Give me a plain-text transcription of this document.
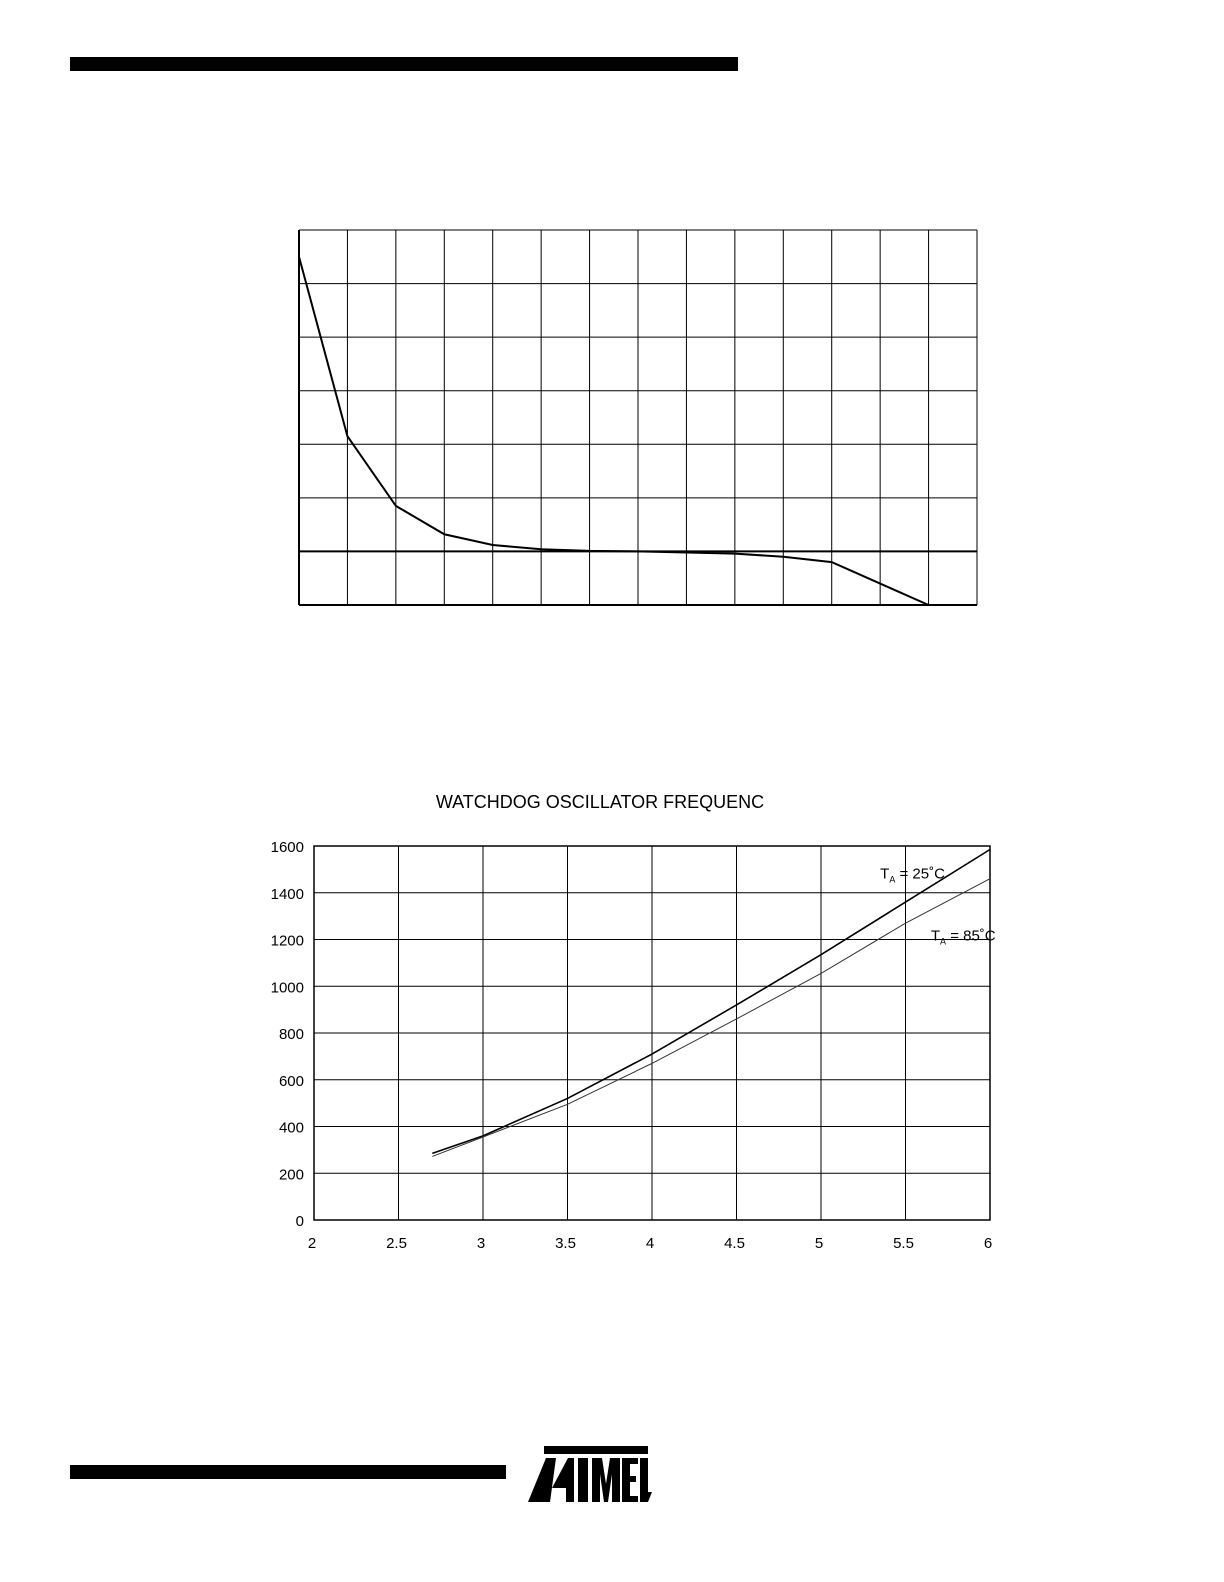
WATCHDOG OSCILLATOR FREQUENC
2	2.5	3	3.5	4	4.5	5	5.5	6
0
200
400
600
800
1000
1200
1400
1600
$T_A$ = 25˚C
$T_A$ = 85˚C
ATMEL
